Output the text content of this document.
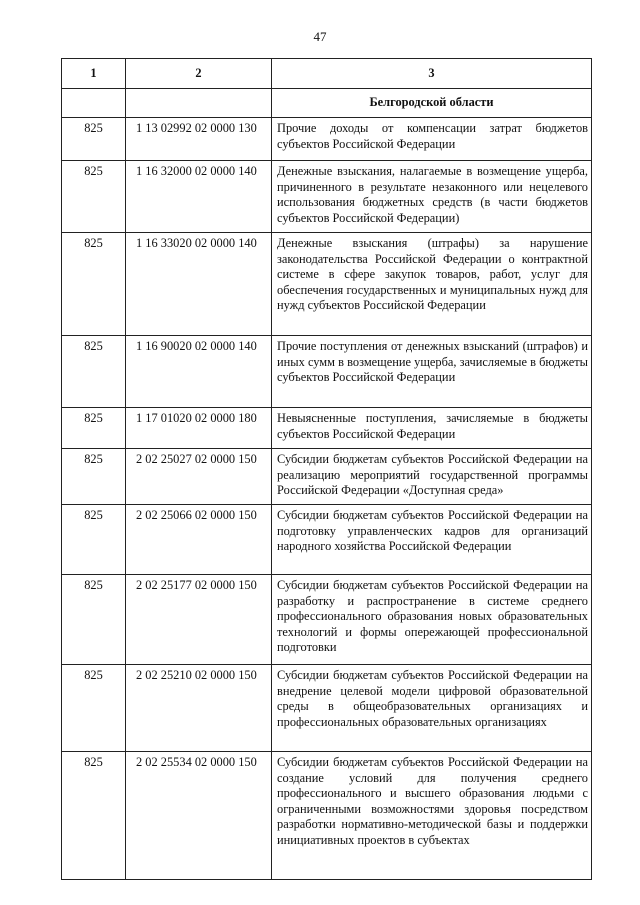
47
1	2	3
		Белгородской области
825	1 13 02992 02 0000 130	Прочие доходы от компенсации затрат бюджетов субъектов Российской Федерации
825	1 16 32000 02 0000 140	Денежные взыскания, налагаемые в возмещение ущерба, причиненного в результате незаконного или нецелевого использования бюджетных средств (в части бюджетов субъектов Российской Федерации)
825	1 16 33020 02 0000 140	Денежные взыскания (штрафы) за нарушение законодательства Российской Федерации о контрактной системе в сфере закупок товаров, работ, услуг для обеспечения государственных и муниципальных нужд для нужд субъектов Российской Федерации
825	1 16 90020 02 0000 140	Прочие поступления от денежных взысканий (штрафов) и иных сумм в возмещение ущерба, зачисляемые в бюджеты субъектов Российской Федерации
825	1 17 01020 02 0000 180	Невыясненные поступления, зачисляемые в бюджеты субъектов Российской Федерации
825	2 02 25027 02 0000 150	Субсидии бюджетам субъектов Российской Федерации на реализацию мероприятий государственной программы Российской Федерации «Доступная среда»
825	2 02 25066 02 0000 150	Субсидии бюджетам субъектов Российской Федерации на подготовку управленческих кадров для организаций народного хозяйства Российской Федерации
825	2 02 25177 02 0000 150	Субсидии бюджетам субъектов Российской Федерации на разработку и распространение в системе среднего профессионального образования новых образовательных технологий и формы опережающей профессиональной подготовки
825	2 02 25210 02 0000 150	Субсидии бюджетам субъектов Российской Федерации на внедрение целевой модели цифровой образовательной среды в общеобразовательных организациях и профессиональных образовательных организациях
825	2 02 25534 02 0000 150	Субсидии бюджетам субъектов Российской Федерации на создание условий для получения среднего профессионального и высшего образования людьми с ограниченными возможностями здоровья посредством разработки нормативно-методической базы и поддержки инициативных проектов в субъектах
